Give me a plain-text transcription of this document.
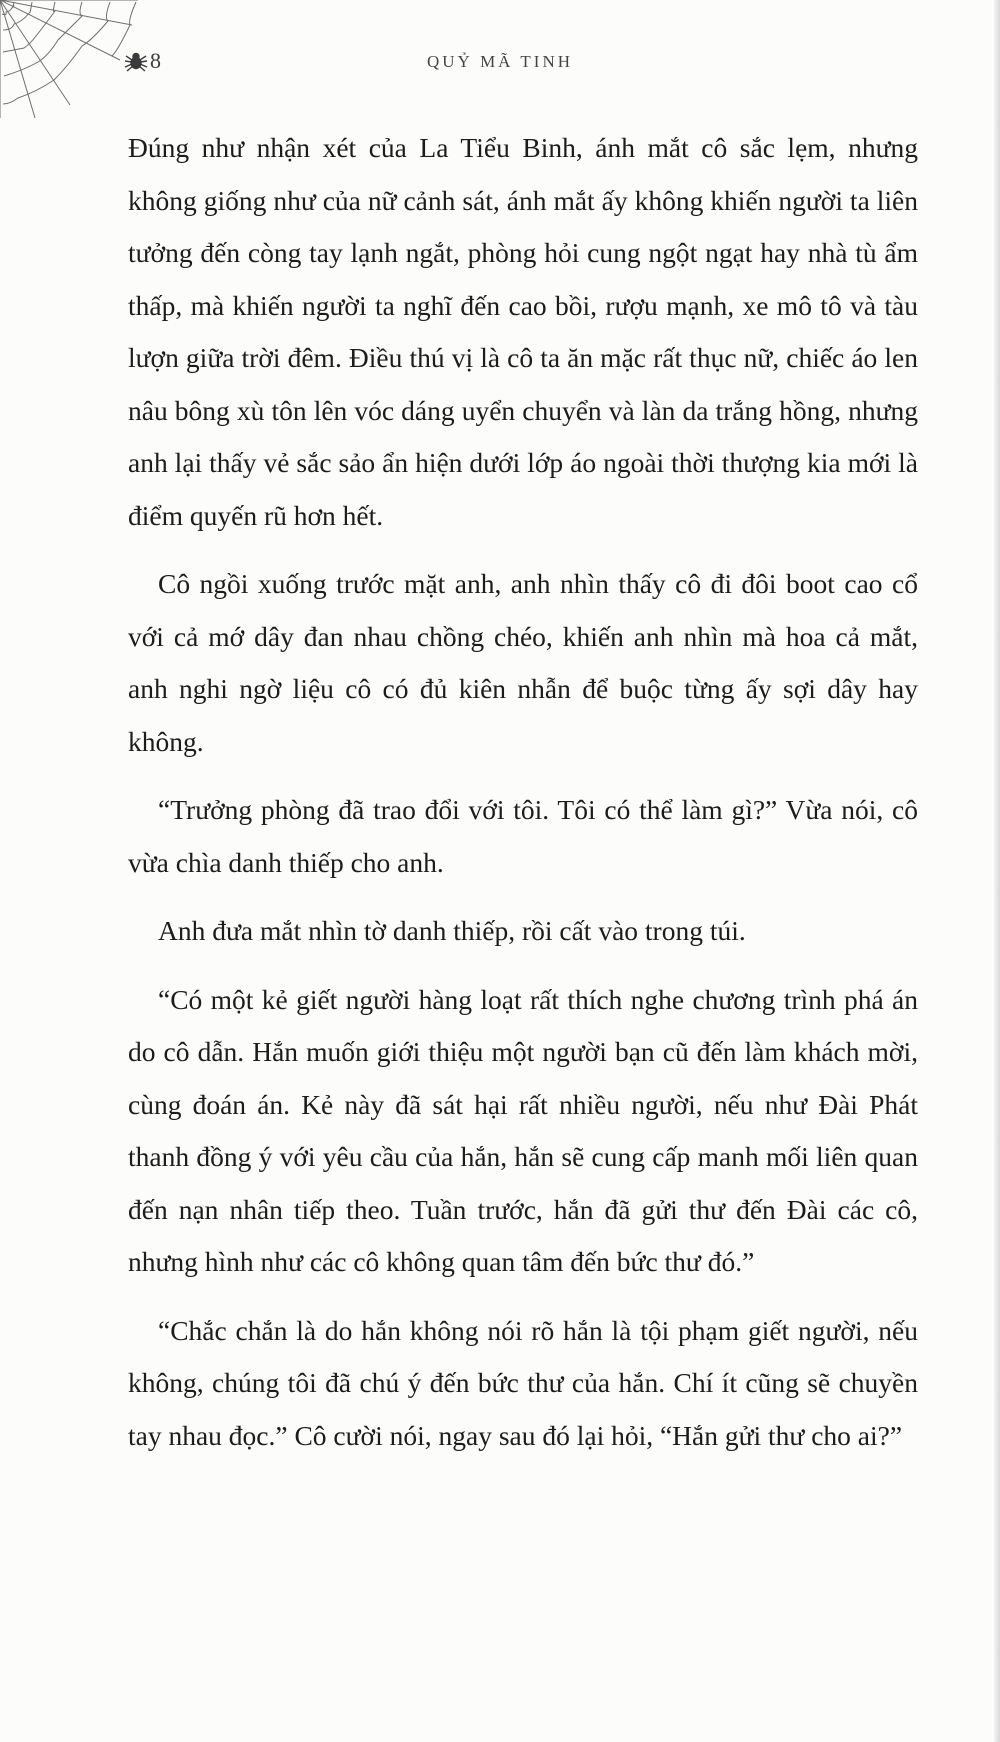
8	QUỶ MÃ TINH

Đúng như nhận xét của La Tiểu Binh, ánh mắt cô sắc lẹm, nhưng không giống như của nữ cảnh sát, ánh mắt ấy không khiến người ta liên tưởng đến còng tay lạnh ngắt, phòng hỏi cung ngột ngạt hay nhà tù ẩm thấp, mà khiến người ta nghĩ đến cao bồi, rượu mạnh, xe mô tô và tàu lượn giữa trời đêm. Điều thú vị là cô ta ăn mặc rất thục nữ, chiếc áo len nâu bông xù tôn lên vóc dáng uyển chuyển và làn da trắng hồng, nhưng anh lại thấy vẻ sắc sảo ẩn hiện dưới lớp áo ngoài thời thượng kia mới là điểm quyến rũ hơn hết.

Cô ngồi xuống trước mặt anh, anh nhìn thấy cô đi đôi boot cao cổ với cả mớ dây đan nhau chồng chéo, khiến anh nhìn mà hoa cả mắt, anh nghi ngờ liệu cô có đủ kiên nhẫn để buộc từng ấy sợi dây hay không.

“Trưởng phòng đã trao đổi với tôi. Tôi có thể làm gì?” Vừa nói, cô vừa chìa danh thiếp cho anh.

Anh đưa mắt nhìn tờ danh thiếp, rồi cất vào trong túi.

“Có một kẻ giết người hàng loạt rất thích nghe chương trình phá án do cô dẫn. Hắn muốn giới thiệu một người bạn cũ đến làm khách mời, cùng đoán án. Kẻ này đã sát hại rất nhiều người, nếu như Đài Phát thanh đồng ý với yêu cầu của hắn, hắn sẽ cung cấp manh mối liên quan đến nạn nhân tiếp theo. Tuần trước, hắn đã gửi thư đến Đài các cô, nhưng hình như các cô không quan tâm đến bức thư đó.”

“Chắc chắn là do hắn không nói rõ hắn là tội phạm giết người, nếu không, chúng tôi đã chú ý đến bức thư của hắn. Chí ít cũng sẽ chuyền tay nhau đọc.” Cô cười nói, ngay sau đó lại hỏi, “Hắn gửi thư cho ai?”
